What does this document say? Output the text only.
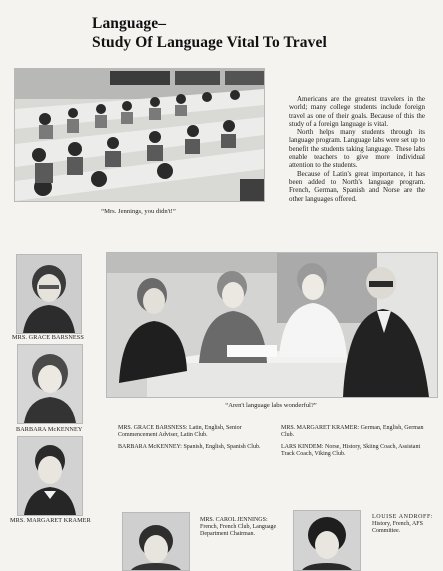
Language–
Study Of Language Vital To Travel
“Mrs. Jennings, you didn't!”

Americans are the greatest travelers in the world; many college students include foreign travel as one of their goals. Because of this the study of a foreign language is vital.

North helps many students through its language program. Language labs were set up to benefit the students taking language. These labs enable teachers to give more individual attention to the students.

Because of Latin's great importance, it has been added to North's language program. French, German, Spanish and Norse are the other languages offered.

MRS. GRACE BARSNESS
BARBARA McKENNEY
MRS. MARGARET KRAMER
“Aren't language labs wonderful?”
MRS. GRACE BARSNESS: Latin, English, Senior Commencement Adviser, Latin Club.
BARBARA McKENNEY: Spanish, English, Spanish Club.
MRS. MARGARET KRAMER: German, English, German Club.
LARS KINDEM: Norse, History, Skiing Coach, Assistant Track Coach, Viking Club.
MRS. CAROL JENNINGS: French, French Club, Language Department Chairman.
LOUISE ANDROFF:
History, French, AFS Committee.
